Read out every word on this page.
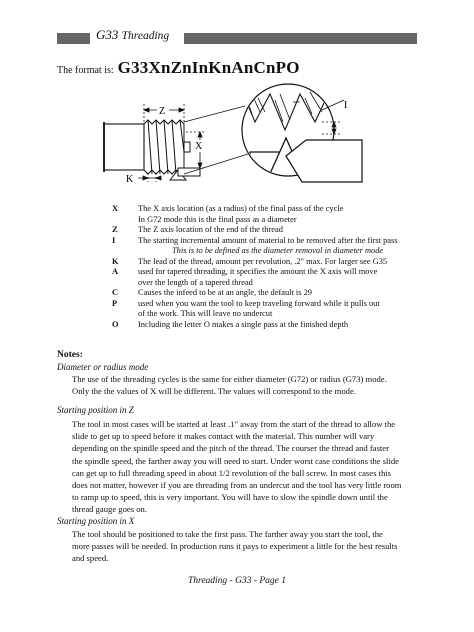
G33 Threading
The format is: G33XnZnInKnAnCnPO
Z
X
K
I
X The X axis location (as a radius) of the final pass of the cycle
In G72 mode this is the final pass as a diameter
Z The Z axis location of the end of the thread
I	The starting incremental amount of material to be removed after the first pass
This is to be defined as the diameter removal in diameter mode
K The lead of the thread, amount per revolution, .2" max. For larger see G35
A used for tapered threading, it specifies the amount the X axis will move
over the length of a tapered thread
C Causes the infeed to be at an angle, the default is 29
P used when you want the tool to keep traveling forward while it pulls out
of the work. This will leave no undercut
O Including the letter O makes a single pass at the finished depth
Notes:
Diameter or radius mode
The use of the threading cycles is the same for either diameter (G72) or radius (G73) mode.
Only the the values of X will be different. The values will correspond to the mode.
Starting position in Z
The tool in most cases will be started at least .1" away from the start of the thread to allow the
slide to get up to speed before it makes contact with the material. This number will vary
depending on the spindle speed and the pitch of the thread. The courser the thread and faster
the spindle speed, the farther away you will need to start. Under worst case conditions the slide
can get up to full threading speed in about 1/2 revolution of the ball screw. In most cases this
does not matter, however if you are threading from an undercut and the tool has very little room
to ramp up to speed, this is very important. You will have to slow the spindle down until the
thread gauge goes on.
Starting position in X
The tool should be positioned to take the first pass. The farther away you start the tool, the
more passes will be needed. In production runs it pays to experiment a little for the best results
and speed.
Threading - G33 - Page 1
